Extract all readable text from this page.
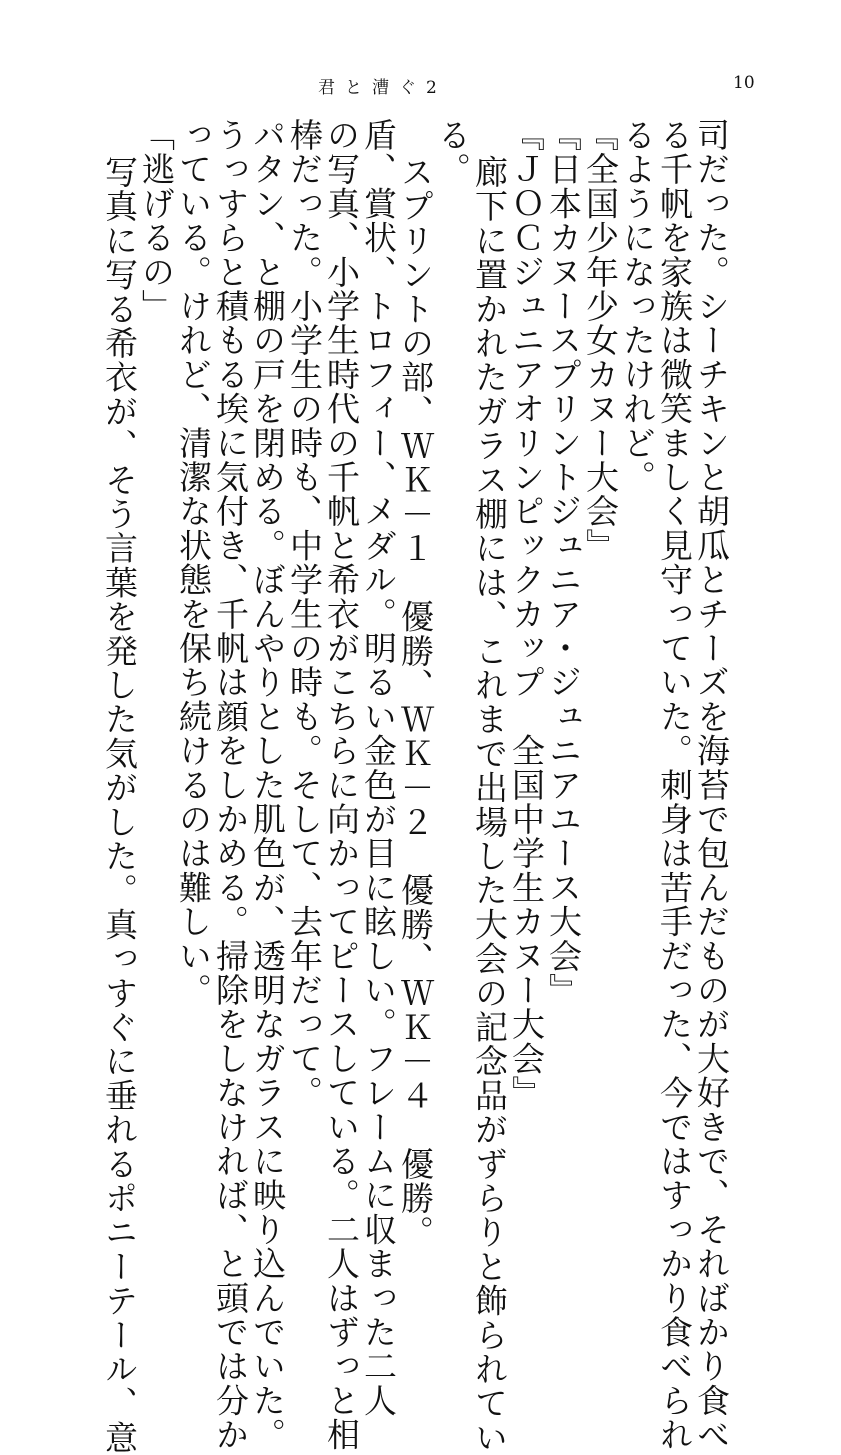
君と漕ぐ2	10
司だった。シーチキンと胡瓜とチーズを海苔で包んだものが大好きで、そればかり食べ
る千帆を家族は微笑ましく見守っていた。刺身は苦手だった、今ではすっかり食べられ
るようになったけれど。
『全国少年少女カヌー大会』
『日本カヌースプリントジュニア・ジュニアユース大会』
『ＪＯＣジュニアオリンピックカップ　全国中学生カヌー大会』
廊下に置かれたガラス棚には、これまで出場した大会の記念品がずらりと飾られてい
る。
スプリントの部、ＷＫ－１　優勝、ＷＫ－２　優勝、ＷＫ－４　優勝。
盾、賞状、トロフィー、メダル。明るい金色が目に眩しい。フレームに収まった二人
の写真、小学生時代の千帆と希衣がこちらに向かってピースしている。二人はずっと相
棒だった。小学生の時も、中学生の時も。そして、去年だって。
パタン、と棚の戸を閉める。ぼんやりとした肌色が、透明なガラスに映り込んでいた。
うっすらと積もる埃に気付き、千帆は顔をしかめる。掃除をしなければ、と頭では分か
っている。けれど、清潔な状態を保ち続けるのは難しい。
「逃げるの」
写真に写る希衣が、そう言葉を発した気がした。真っすぐに垂れるポニーテール、意
